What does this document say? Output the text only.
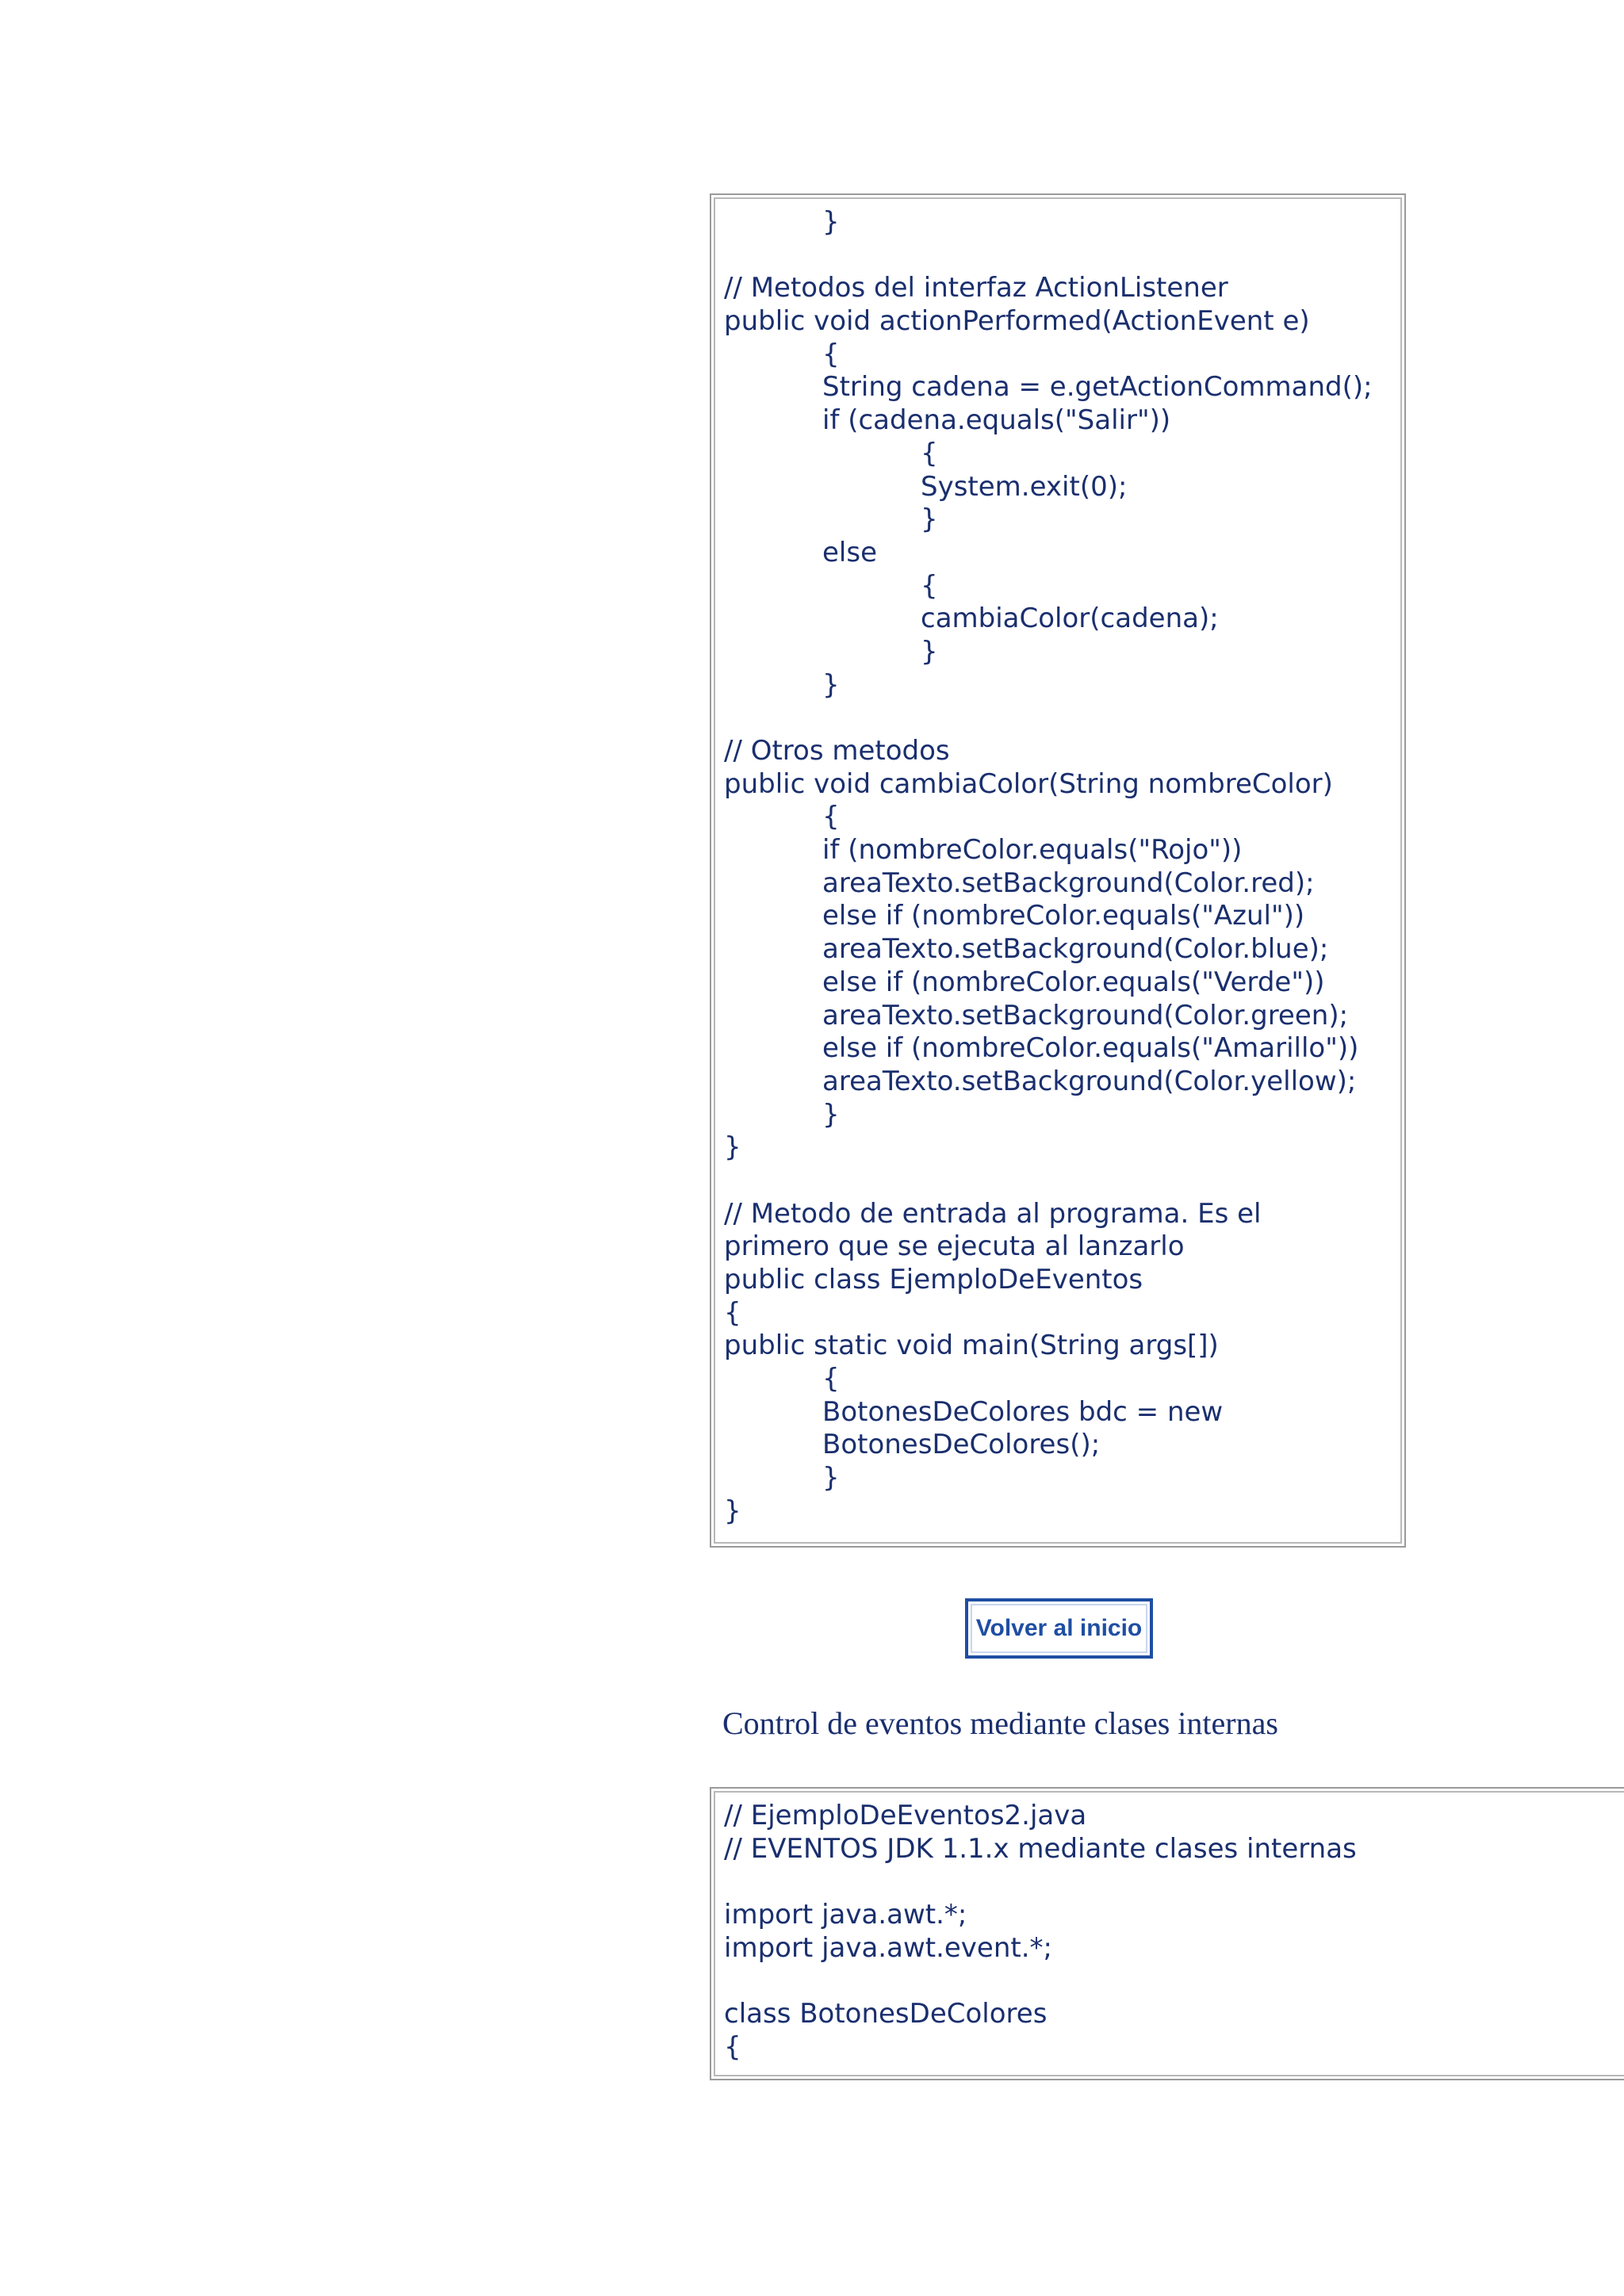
}
// Metodos del interfaz ActionListener
public void actionPerformed(ActionEvent e)
{
String cadena = e.getActionCommand();
if (cadena.equals("Salir"))
{
System.exit(0);
}
else
{
cambiaColor(cadena);
}
}
// Otros metodos
public void cambiaColor(String nombreColor)
{
if (nombreColor.equals("Rojo"))
areaTexto.setBackground(Color.red);
else if (nombreColor.equals("Azul"))
areaTexto.setBackground(Color.blue);
else if (nombreColor.equals("Verde"))
areaTexto.setBackground(Color.green);
else if (nombreColor.equals("Amarillo"))
areaTexto.setBackground(Color.yellow);
}
}
// Metodo de entrada al programa. Es el
primero que se ejecuta al lanzarlo
public class EjemploDeEventos
{
public static void main(String args[])
{
BotonesDeColores bdc = new
BotonesDeColores();
}
}
Volver al inicio
Control de eventos mediante clases internas
// EjemploDeEventos2.java
// EVENTOS JDK 1.1.x mediante clases internas
import java.awt.*;
import java.awt.event.*;
class BotonesDeColores
{
